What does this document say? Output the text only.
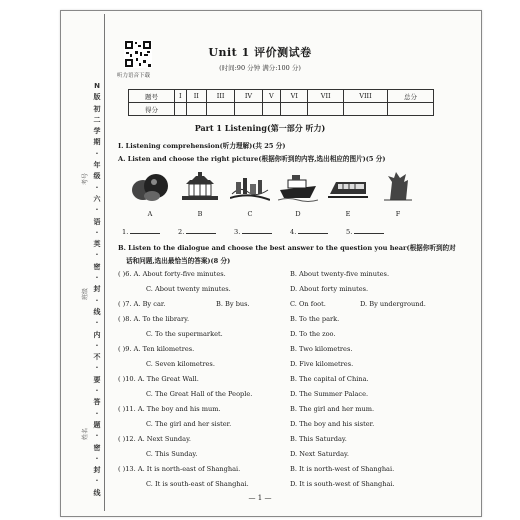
N
版
初
二
学
期
·
年
级
·
六
·
语
·
英
·
密
·
封
·
线
·
内
·
不
·
要
·
答
·
题
·
密
·
封
·
线
考号
班级
姓名
听力语音下载
Unit 1 评价测试卷
(时间:90 分钟 满分:100 分)
题号	I	II	III	IV	V	VI	VII	VIII	总分
得分									
Part 1 Listening(第一部分 听力)
Ⅰ. Listening comprehension(听力理解)(共 25 分)
A. Listen and choose the right picture(根据你听到的内容,选出相应的图片)(5 分)
A	B	C	D	E	F
1.	2.	3.	4.	5.
B. Listen to the dialogue and choose the best answer to the question you hear(根据你听到的对
话和问题,选出最恰当的答案)(8 分)
( )6. A. About forty-five minutes.	B. About twenty-five minutes.
C. About twenty minutes.	D. About forty minutes.
( )7. A. By car.	B. By bus.	C. On foot.	D. By underground.
( )8. A. To the library.	B. To the park.
C. To the supermarket.	D. To the zoo.
( )9. A. Ten kilometres.	B. Two kilometres.
C. Seven kilometres.	D. Five kilometres.
( )10. A. The Great Wall.	B. The capital of China.
C. The Great Hall of the People.	D. The Summer Palace.
( )11. A. The boy and his mum.	B. The girl and her mum.
C. The girl and her sister.	D. The boy and his sister.
( )12. A. Next Sunday.	B. This Saturday.
C. This Sunday.	D. Next Saturday.
( )13. A. It is north-east of Shanghai.	B. It is north-west of Shanghai.
C. It is south-east of Shanghai.	D. It is south-west of Shanghai.
— 1 —
